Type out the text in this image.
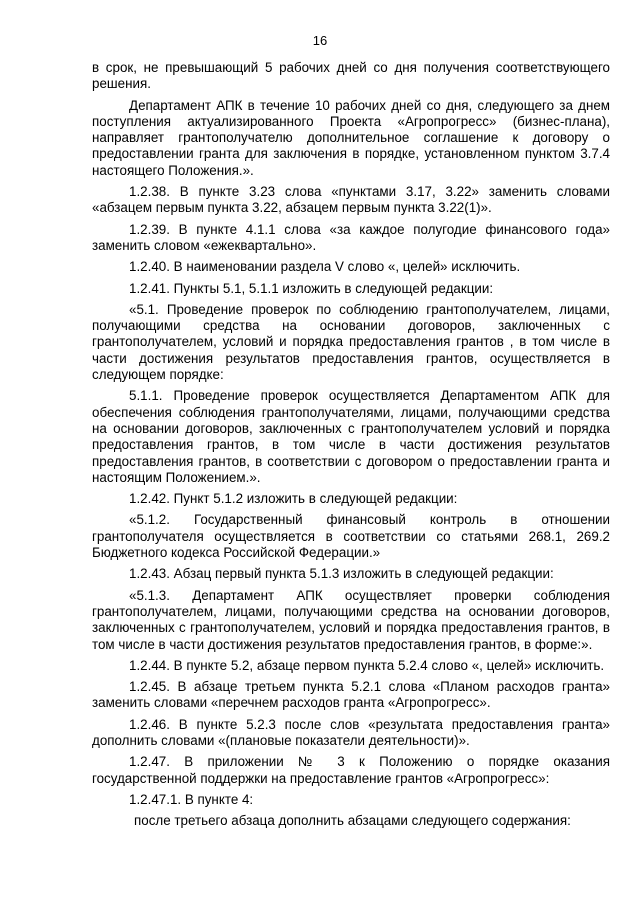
16

в срок, не превышающий 5 рабочих дней со дня получения соответствующего решения.

Департамент АПК в течение 10 рабочих дней со дня, следующего за днем поступления актуализированного Проекта «Агропрогресс» (бизнес-плана), направляет грантополучателю дополнительное соглашение к договору о предоставлении гранта для заключения в порядке, установленном пунктом 3.7.4 настоящего Положения.».

1.2.38. В пункте 3.23 слова «пунктами 3.17, 3.22» заменить словами «абзацем первым пункта 3.22, абзацем первым пункта 3.22(1)».

1.2.39. В пункте 4.1.1 слова «за каждое полугодие финансового года» заменить словом «ежеквартально».

1.2.40. В наименовании раздела V слово «, целей» исключить.

1.2.41. Пункты 5.1, 5.1.1 изложить в следующей редакции:

«5.1. Проведение проверок по соблюдению грантополучателем, лицами, получающими средства на основании договоров, заключенных с грантополучателем, условий и порядка предоставления грантов , в том числе в части достижения результатов предоставления грантов, осуществляется в следующем порядке:

5.1.1. Проведение проверок осуществляется Департаментом АПК для обеспечения соблюдения грантополучателями, лицами, получающими средства на основании договоров, заключенных с грантополучателем условий и порядка предоставления грантов, в том числе в части достижения результатов предоставления грантов, в соответствии с договором о предоставлении гранта и настоящим Положением.».

1.2.42. Пункт 5.1.2 изложить в следующей редакции:

«5.1.2. Государственный финансовый контроль в отношении грантополучателя осуществляется в соответствии со статьями 268.1, 269.2 Бюджетного кодекса Российской Федерации.»

1.2.43. Абзац первый пункта 5.1.3 изложить в следующей редакции:

«5.1.3. Департамент АПК осуществляет проверки соблюдения грантополучателем, лицами, получающими средства на основании договоров, заключенных с грантополучателем, условий и порядка предоставления грантов, в том числе в части достижения результатов предоставления грантов, в форме:».

1.2.44. В пункте 5.2, абзаце первом пункта 5.2.4 слово «, целей» исключить.

1.2.45. В абзаце третьем пункта 5.2.1 слова «Планом расходов гранта» заменить словами «перечнем расходов гранта «Агропрогресс».

1.2.46. В пункте 5.2.3 после слов «результата предоставления гранта» дополнить словами «(плановые показатели деятельности)».

1.2.47. В приложении № 3 к Положению о порядке оказания государственной поддержки на предоставление грантов «Агропрогресс»:

1.2.47.1. В пункте 4:

после третьего абзаца дополнить абзацами следующего содержания:
